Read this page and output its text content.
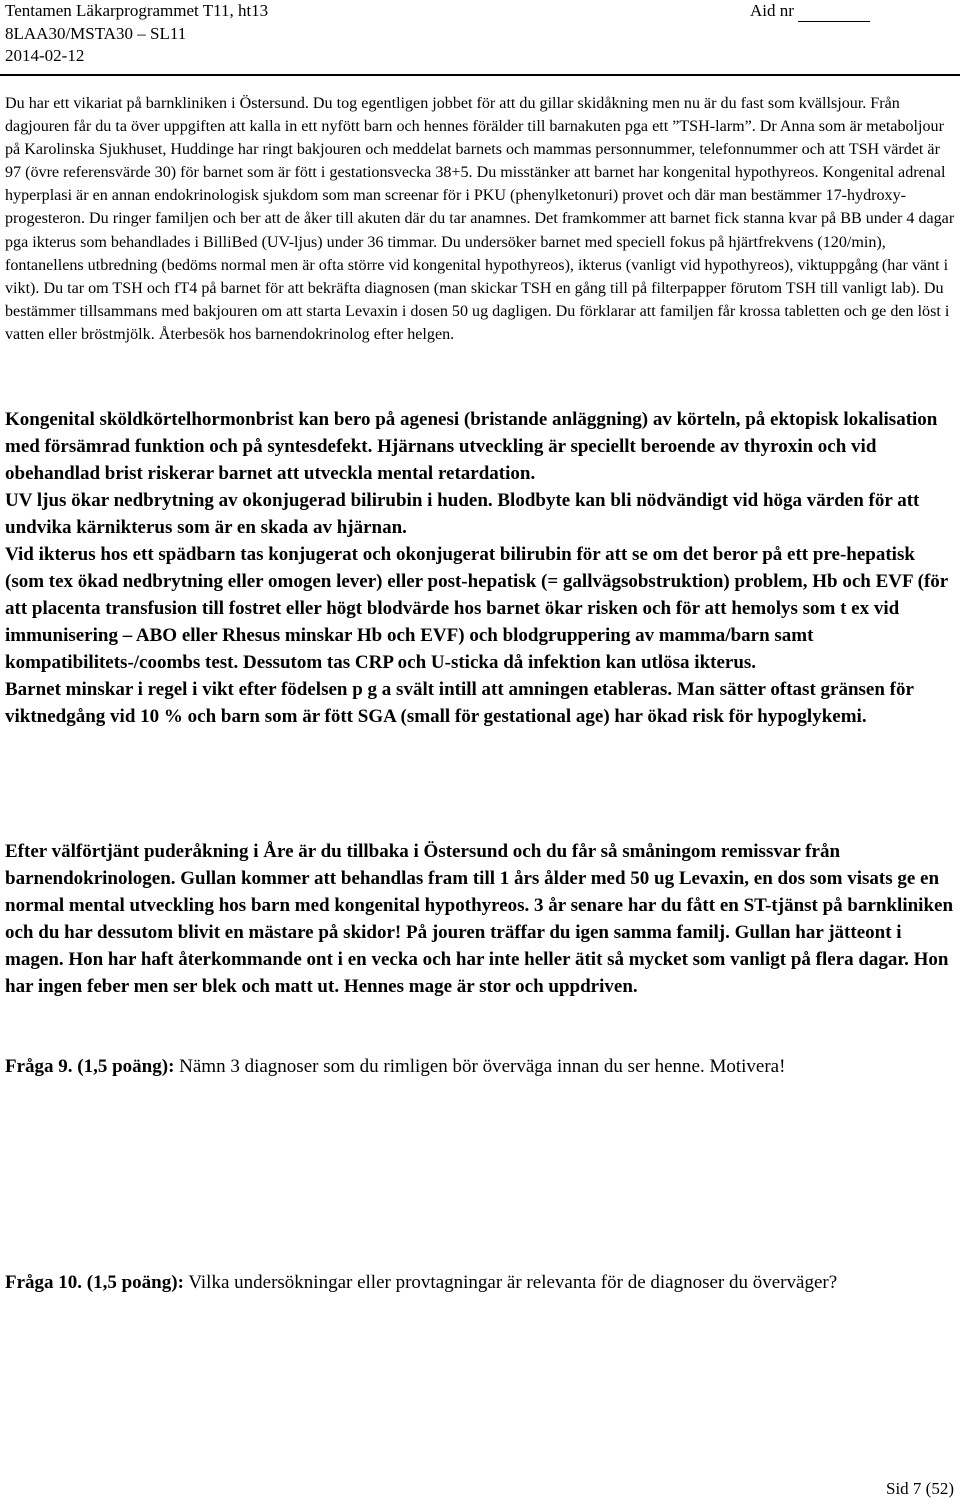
Tentamen Läkarprogrammet T11, ht13
8LAA30/MSTA30 – SL11
2014-02-12
Aid nr

Du har ett vikariat på barnkliniken i Östersund. Du tog egentligen jobbet för att du gillar skidåkning men nu är du fast som kvällsjour. Från dagjouren får du ta över uppgiften att kalla in ett nyfött barn och hennes förälder till barnakuten pga ett ”TSH-larm”. Dr Anna som är metaboljour på Karolinska Sjukhuset, Huddinge har ringt bakjouren och meddelat barnets och mammas personnummer, telefonnummer och att TSH värdet är 97 (övre referensvärde 30) för barnet som är fött i gestationsvecka 38+5. Du misstänker att barnet har kongenital hypothyreos. Kongenital adrenal hyperplasi är en annan endokrinologisk sjukdom som man screenar för i PKU (phenylketonuri) provet och där man bestämmer 17-hydroxy-progesteron. Du ringer familjen och ber att de åker till akuten där du tar anamnes. Det framkommer att barnet fick stanna kvar på BB under 4 dagar pga ikterus som behandlades i BilliBed (UV-ljus) under 36 timmar. Du undersöker barnet med speciell fokus på hjärtfrekvens (120/min), fontanellens utbredning (bedöms normal men är ofta större vid kongenital hypothyreos), ikterus (vanligt vid hypothyreos), viktuppgång (har vänt i vikt). Du tar om TSH och fT4 på barnet för att bekräfta diagnosen (man skickar TSH en gång till på filterpapper förutom TSH till vanligt lab). Du bestämmer tillsammans med bakjouren om att starta Levaxin i dosen 50 ug dagligen. Du förklarar att familjen får krossa tabletten och ge den löst i vatten eller bröstmjölk. Återbesök hos barnendokrinolog efter helgen.

Kongenital sköldkörtelhormonbrist kan bero på agenesi (bristande anläggning) av körteln, på ektopisk lokalisation med försämrad funktion och på syntesdefekt. Hjärnans utveckling är speciellt beroende av thyroxin och vid obehandlad brist riskerar barnet att utveckla mental retardation.

UV ljus ökar nedbrytning av okonjugerad bilirubin i huden. Blodbyte kan bli nödvändigt vid höga värden för att undvika kärnikterus som är en skada av hjärnan.

Vid ikterus hos ett spädbarn tas konjugerat och okonjugerat bilirubin för att se om det beror på ett pre-hepatisk (som tex ökad nedbrytning eller omogen lever) eller post-hepatisk (= gallvägsobstruktion) problem, Hb och EVF (för att placenta transfusion till fostret eller högt blodvärde hos barnet ökar risken och för att hemolys som t ex vid immunisering – ABO eller Rhesus minskar Hb och EVF) och blodgruppering av mamma/barn samt kompatibilitets-/coombs test. Dessutom tas CRP och U-sticka då infektion kan utlösa ikterus.

Barnet minskar i regel i vikt efter födelsen p g a svält intill att amningen etableras. Man sätter oftast gränsen för viktnedgång vid 10 % och barn som är fött SGA (small för gestational age) har ökad risk för hypoglykemi.

Efter välförtjänt puderåkning i Åre är du tillbaka i Östersund och du får så småningom remissvar från barnendokrinologen. Gullan kommer att behandlas fram till 1 års ålder med 50 ug Levaxin, en dos som visats ge en normal mental utveckling hos barn med kongenital hypothyreos. 3 år senare har du fått en ST-tjänst på barnkliniken och du har dessutom blivit en mästare på skidor! På jouren träffar du igen samma familj. Gullan har jätteont i magen. Hon har haft återkommande ont i en vecka och har inte heller ätit så mycket som vanligt på flera dagar. Hon har ingen feber men ser blek och matt ut. Hennes mage är stor och uppdriven.

Fråga 9. (1,5 poäng): Nämn 3 diagnoser som du rimligen bör överväga innan du ser henne. Motivera!

Fråga 10. (1,5 poäng): Vilka undersökningar eller provtagningar är relevanta för de diagnoser du överväger?

Sid 7 (52)
